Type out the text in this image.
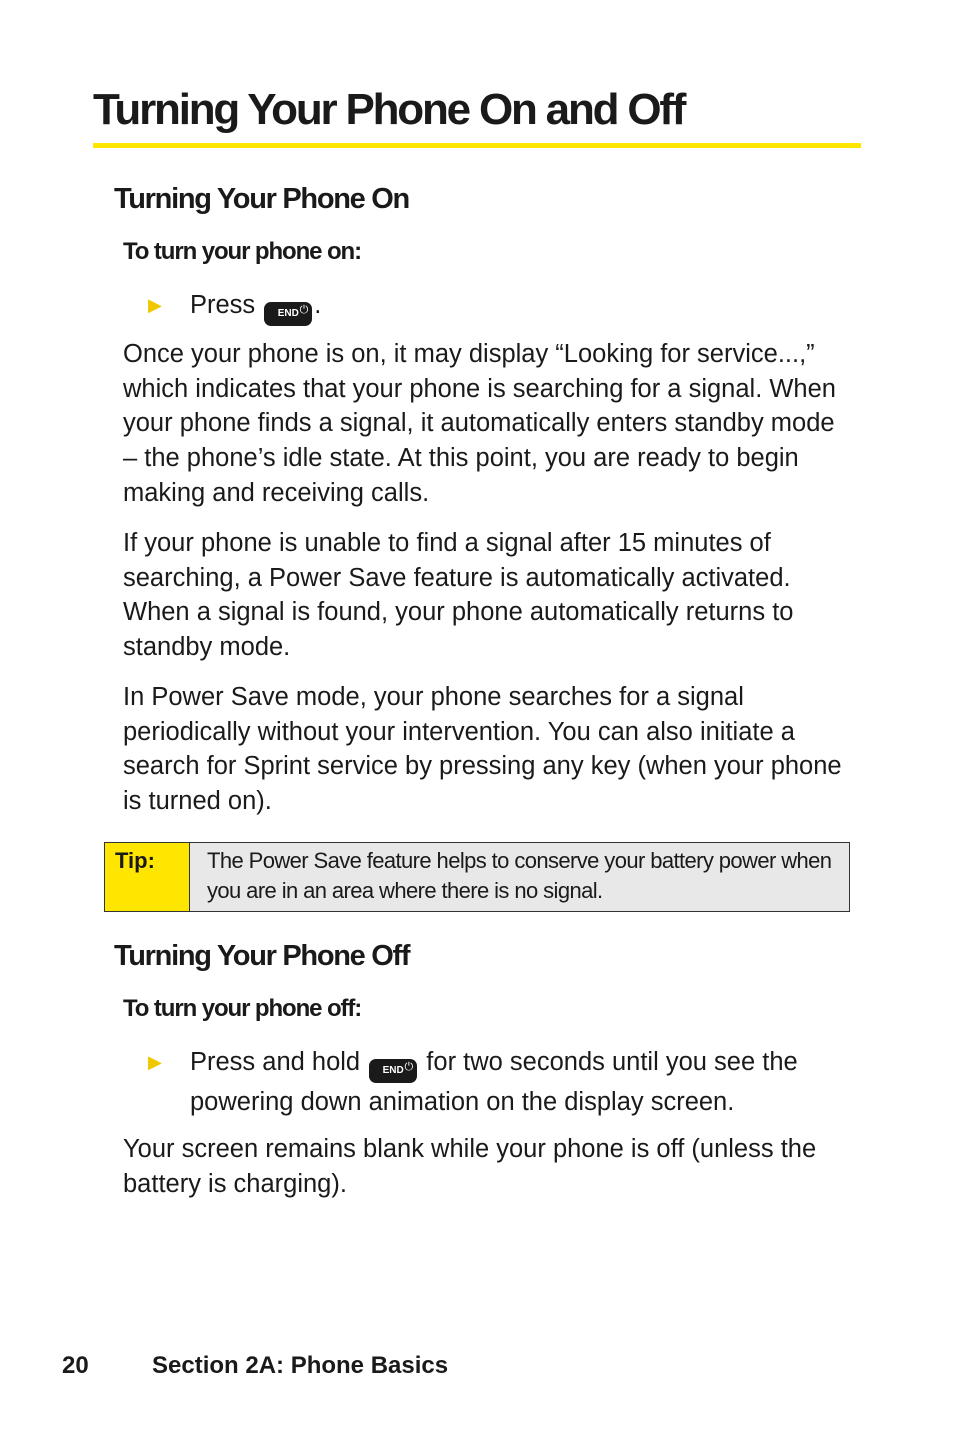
Turning Your Phone On and Off
Turning Your Phone On
To turn your phone on:
▶ Press END ⏻ .

Once your phone is on, it may display “Looking for service...,” which indicates that your phone is searching for a signal. When your phone finds a signal, it automatically enters standby mode – the phone’s idle state. At this point, you are ready to begin making and receiving calls.

If your phone is unable to find a signal after 15 minutes of searching, a Power Save feature is automatically activated. When a signal is found, your phone automatically returns to standby mode.

In Power Save mode, your phone searches for a signal periodically without your intervention. You can also initiate a search for Sprint service by pressing any key (when your phone is turned on).

Tip:	The Power Save feature helps to conserve your battery power when you are in an area where there is no signal.
Turning Your Phone Off
To turn your phone off:
▶ Press and hold END ⏻ for two seconds until you see the
powering down animation on the display screen.

Your screen remains blank while your phone is off (unless the battery is charging).

20	Section 2A: Phone Basics
